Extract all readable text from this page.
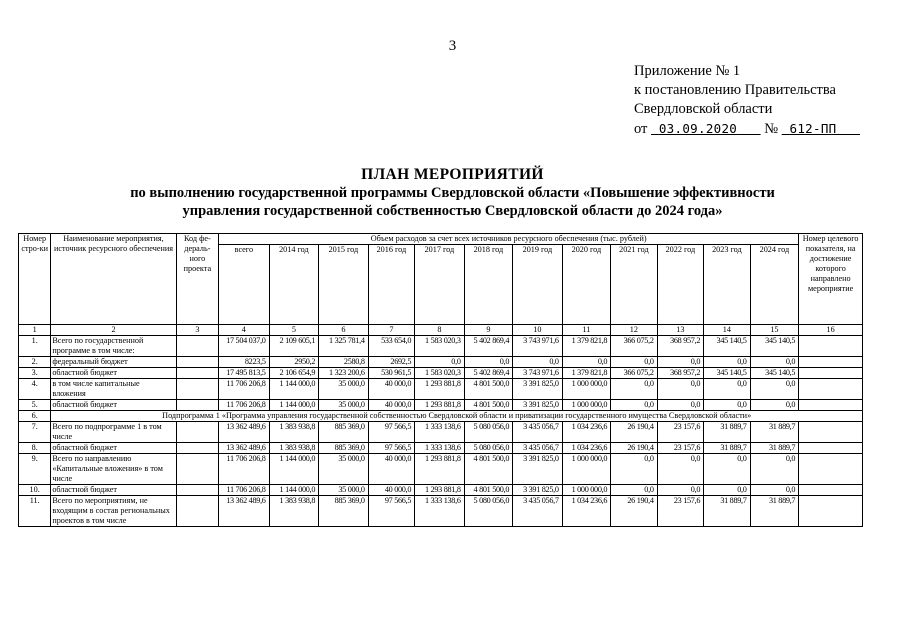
3
Приложение № 1
к постановлению Правительства
Свердловской области
от 03.09.2020 № 612-ПП
ПЛАН МЕРОПРИЯТИЙ
по выполнению государственной программы Свердловской области «Повышение эффективности
управления государственной собственностью Свердловской области до 2024 года»
Номер стро-ки	Наименование мероприятия, источник ресурсного обеспечения	Код фе-дераль-ного проекта	Объем расходов за счет всех источников ресурсного обеспечения (тыс. рублей)												Номер целевого показателя, на достижение которого направлено мероприятие
			всего	2014 год	2015 год	2016 год	2017 год	2018 год	2019 год	2020 год	2021 год	2022 год	2023 год	2024 год	
1	2	3	4	5	6	7	8	9	10	11	12	13	14	15	16
1.	Всего по государственной программе в том числе:		17 504 037,0	2 109 605,1	1 325 781,4	533 654,0	1 583 020,3	5 402 869,4	3 743 971,6	1 379 821,8	366 075,2	368 957,2	345 140,5	345 140,5	
2.	федеральный бюджет		8223,5	2950,2	2580,8	2692,5	0,0	0,0	0,0	0,0	0,0	0,0	0,0	0,0	
3.	областной бюджет		17 495 813,5	2 106 654,9	1 323 200,6	530 961,5	1 583 020,3	5 402 869,4	3 743 971,6	1 379 821,8	366 075,2	368 957,2	345 140,5	345 140,5	
4.	в том числе капитальные вложения		11 706 206,8	1 144 000,0	35 000,0	40 000,0	1 293 881,8	4 801 500,0	3 391 825,0	1 000 000,0	0,0	0,0	0,0	0,0	
5.	областной бюджет		11 706 206,8	1 144 000,0	35 000,0	40 000,0	1 293 881,8	4 801 500,0	3 391 825,0	1 000 000,0	0,0	0,0	0,0	0,0	
6.	Подпрограмма 1 «Программа управления государственной собственностью Свердловской области и приватизации государственного имущества Свердловской области»														
7.	Всего по подпрограмме 1 в том числе		13 362 489,6	1 383 938,8	885 369,0	97 566,5	1 333 138,6	5 080 056,0	3 435 056,7	1 034 236,6	26 190,4	23 157,6	31 889,7	31 889,7	
8.	областной бюджет		13 362 489,6	1 383 938,8	885 369,0	97 566,5	1 333 138,6	5 080 056,0	3 435 056,7	1 034 236,6	26 190,4	23 157,6	31 889,7	31 889,7	
9.	Всего по направлению «Капитальные вложения» в том числе		11 706 206,8	1 144 000,0	35 000,0	40 000,0	1 293 881,8	4 801 500,0	3 391 825,0	1 000 000,0	0,0	0,0	0,0	0,0	
10.	областной бюджет		11 706 206,8	1 144 000,0	35 000,0	40 000,0	1 293 881,8	4 801 500,0	3 391 825,0	1 000 000,0	0,0	0,0	0,0	0,0	
11.	Всего по мероприятиям, не входящим в состав региональных проектов в том числе		13 362 489,6	1 383 938,8	885 369,0	97 566,5	1 333 138,6	5 080 056,0	3 435 056,7	1 034 236,6	26 190,4	23 157,6	31 889,7	31 889,7	
